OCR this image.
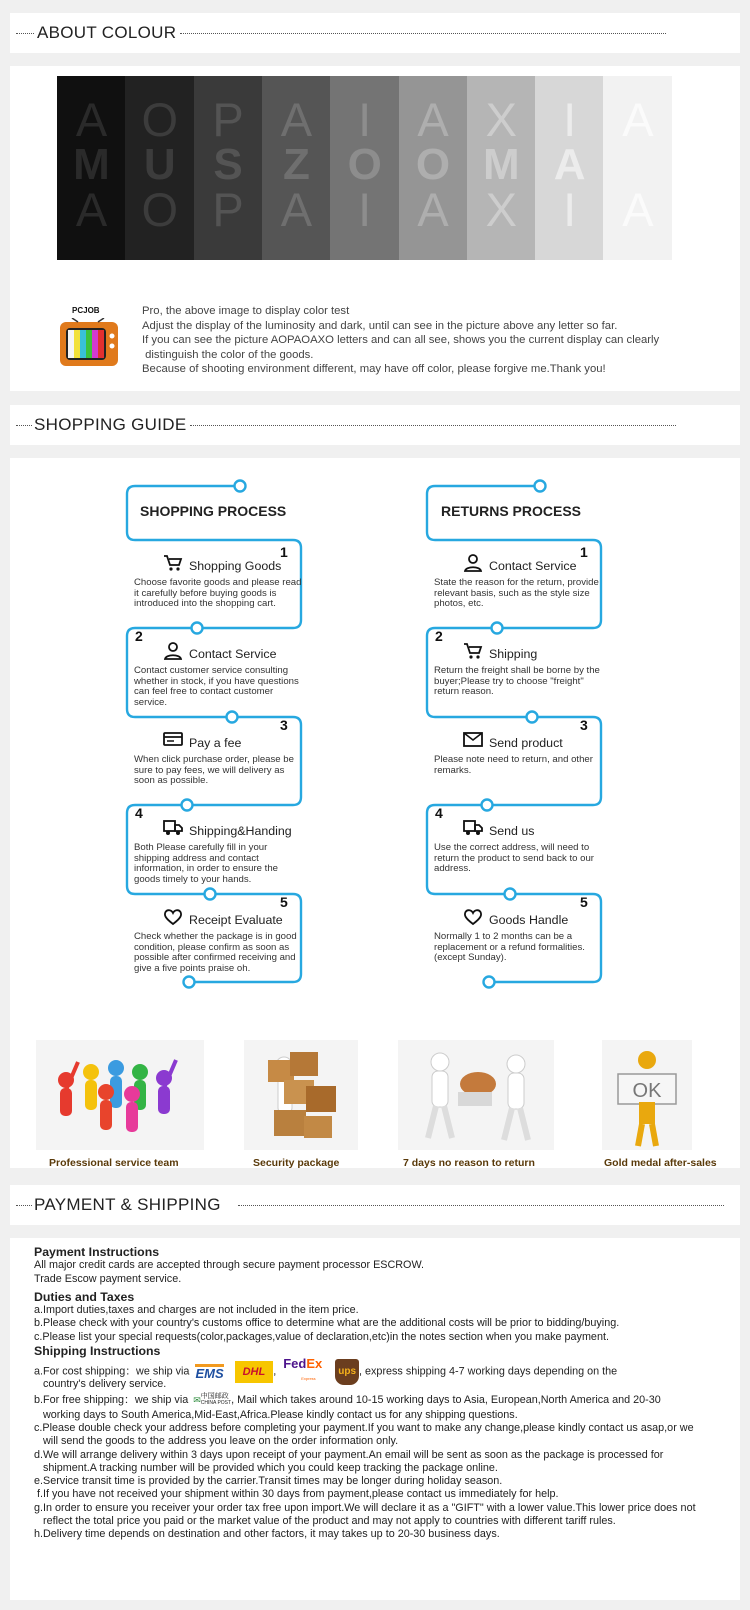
ABOUT COLOUR
A
M
A
O
U
O
P
S
P
A
Z
A
I
O
I
A
O
A
X
M
X
I
A
I
A
A
PCJOB	Pro, the above image to display color test
Adjust the display of the luminosity and dark, until can see in the picture above any letter so far.
If you can see the picture AOPAOAXO letters and can all see, shows you the current display can clearly
distinguish the color of the goods.
Because of shooting environment different, may have off color, please forgive me.Thank you!
SHOPPING GUIDE
SHOPPING PROCESS	RETURNS PROCESS
1
Shopping Goods
Choose favorite goods and please read it carefully before buying goods is introduced into the shopping cart.
2
Contact Service
Contact customer service consulting whether in stock, if you have questions can feel free to contact customer service.
3
Pay a fee
When click purchase order, please be sure to pay fees, we will delivery as soon as possible.
4
Shipping&Handing
Both Please carefully fill in your shipping address and contact information, in order to ensure the goods timely to your hands.
5
Receipt Evaluate
Check whether the package is in good condition, please confirm as soon as possible after confirmed receiving and give a five points praise oh.
1
Contact Service
State the reason for the return, provide relevant basis, such as the style size photos, etc.
2
Shipping
Return the freight shall be borne by the buyer;Please try to choose "freight" return reason.
3
Send product
Please note need to return, and other remarks.
4
Send us
Use the correct address, will need to return the product to send back to our address.
5
Goods Handle
Normally 1 to 2 months can be a replacement or a refund formalities.(except Sunday).
OK
Professional service team	Security package	7 days no reason to return	Gold medal after-sales
PAYMENT & SHIPPING
Payment Instructions
All major credit cards are accepted through secure payment processor ESCROW.
Trade Escow payment service.
Duties and Taxes
a.Import duties,taxes and charges are not included in the item price.
b.Please check with your country's customs office to determine what are the additional costs will be prior to bidding/buying.
c.Please list your special requests(color,packages,value of declaration,etc)in the notes section when you make payment.
Shipping Instructions
a.For cost shipping：we ship via EMS DHL , FedEx
Express ups , express shipping 4-7 working days depending on the
country's delivery service.
b.For free shipping：we ship via ✉ 中国邮政
CHINA POST , Mail which takes around 10-15 working days to Asia, European,North America and 20-30
working days to South America,Mid-East,Africa.Please kindly contact us for any shipping questions.
c.Please double check your address before completing your payment.If you want to make any change,please kindly contact us asap,or we
will send the goods to the address you leave on the order information only.
d.We will arrange delivery within 3 days upon receipt of your payment.An email will be sent as soon as the package is processed for
shipment.A tracking number will be provided which you could keep tracking the package online.
e.Service transit time is provided by the carrier.Transit times may be longer during holiday season.
f.If you have not received your shipment within 30 days from payment,please contact us immediately for help.
g.In order to ensure you receiver your order tax free upon import.We will declare it as a "GIFT" with a lower value.This lower price does not
reflect the total price you paid or the market value of the product and may not apply to countries with different tariff rules.
h.Delivery time depends on destination and other factors, it may takes up to 20-30 business days.
